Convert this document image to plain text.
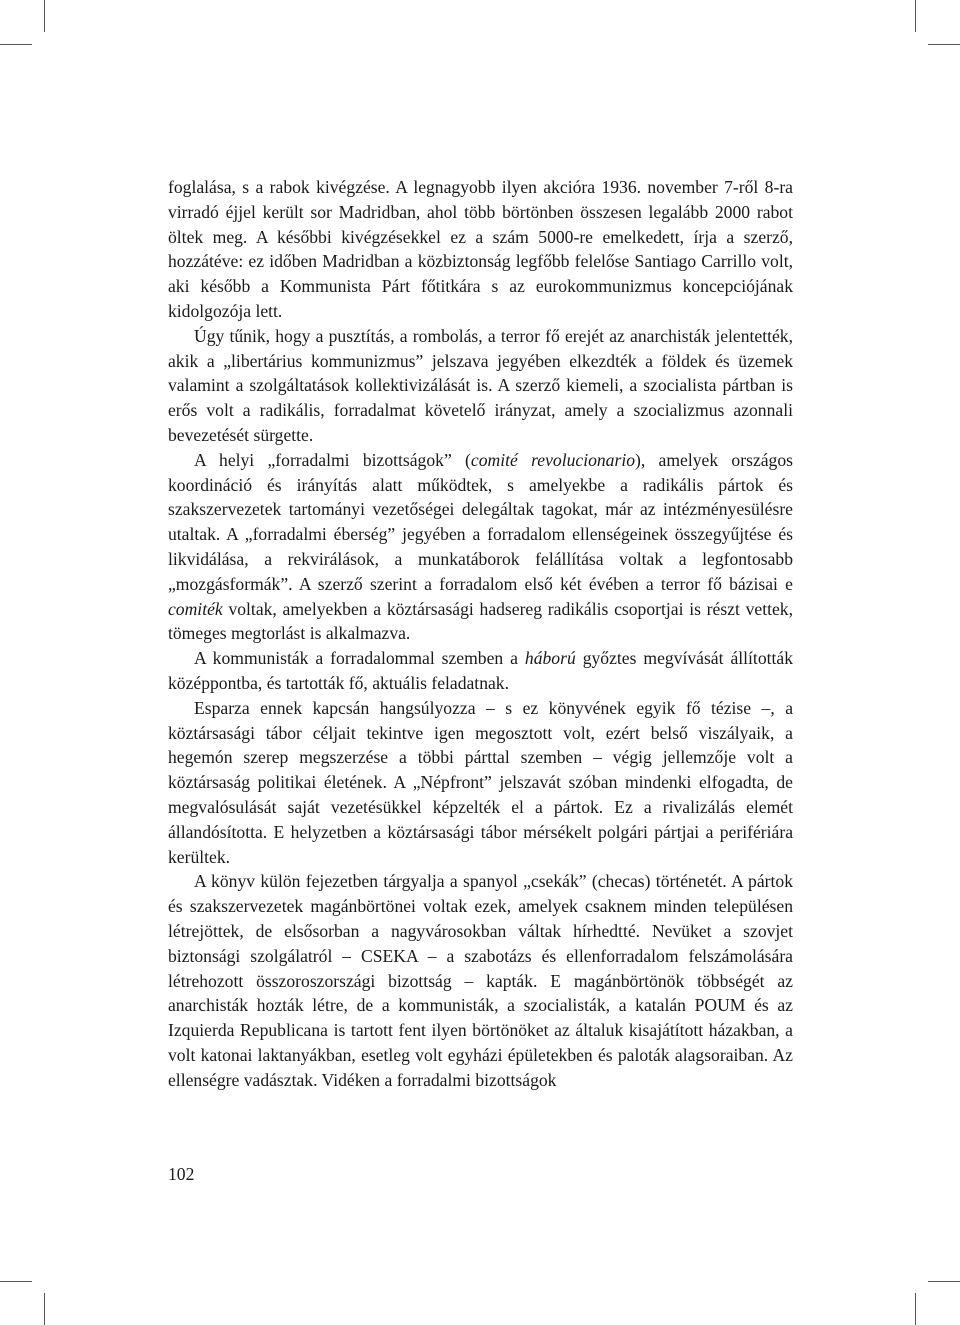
foglalása, s a rabok kivégzése. A legnagyobb ilyen akcióra 1936. november 7-ről 8-ra virradó éjjel került sor Madridban, ahol több börtönben összesen legalább 2000 rabot öltek meg. A későbbi kivégzésekkel ez a szám 5000-re emelkedett, írja a szerző, hozzátéve: ez időben Madridban a közbiztonság legfőbb felelőse Santiago Carrillo volt, aki később a Kommunista Párt főtitkára s az eurokommunizmus koncepciójának kidolgozója lett.

Úgy tűnik, hogy a pusztítás, a rombolás, a terror fő erejét az anarchisták jelentették, akik a „libertárius kommunizmus” jelszava jegyében elkezdték a földek és üzemek valamint a szolgáltatások kollektivizálását is. A szerző kiemeli, a szocialista pártban is erős volt a radikális, forradalmat követelő irányzat, amely a szocializmus azonnali bevezetését sürgette.

A helyi „forradalmi bizottságok” (comité revolucionario), amelyek országos koordináció és irányítás alatt működtek, s amelyekbe a radikális pártok és szakszervezetek tartományi vezetőségei delegáltak tagokat, már az intézményesülésre utaltak. A „forradalmi éberség” jegyében a forradalom ellenségeinek összegyűjtése és likvidálása, a rekvirálások, a munkatáborok felállítása voltak a legfontosabb „mozgásformák”. A szerző szerint a forradalom első két évében a terror fő bázisai e comiték voltak, amelyekben a köztársasági hadsereg radikális csoportjai is részt vettek, tömeges megtorlást is alkalmazva.

A kommunisták a forradalommal szemben a háború győztes megvívását állították középpontba, és tartották fő, aktuális feladatnak.

Esparza ennek kapcsán hangsúlyozza – s ez könyvének egyik fő tézise –, a köztársasági tábor céljait tekintve igen megosztott volt, ezért belső viszályaik, a hegemón szerep megszerzése a többi párttal szemben – végig jellemzője volt a köztársaság politikai életének. A „Népfront” jelszavát szóban mindenki elfogadta, de megvalósulását saját vezetésükkel képzelték el a pártok. Ez a rivalizálás elemét állandósította. E helyzetben a köztársasági tábor mérsékelt polgári pártjai a perifériára kerültek.

A könyv külön fejezetben tárgyalja a spanyol „csekák” (checas) történetét. A pártok és szakszervezetek magánbörtönei voltak ezek, amelyek csaknem minden településen létrejöttek, de elsősorban a nagyvárosokban váltak hírhedtté. Nevüket a szovjet biztonsági szolgálatról – CSEKA – a szabotázs és ellenforradalom felszámolására létrehozott összoroszországi bizottság – kapták. E magánbörtönök többségét az anarchisták hozták létre, de a kommunisták, a szocialisták, a katalán POUM és az Izquierda Republicana is tartott fent ilyen börtönöket az általuk kisajátított házakban, a volt katonai laktanyákban, esetleg volt egyházi épületekben és paloták alagsoraiban. Az ellenségre vadásztak. Vidéken a forradalmi bizottságok

102
